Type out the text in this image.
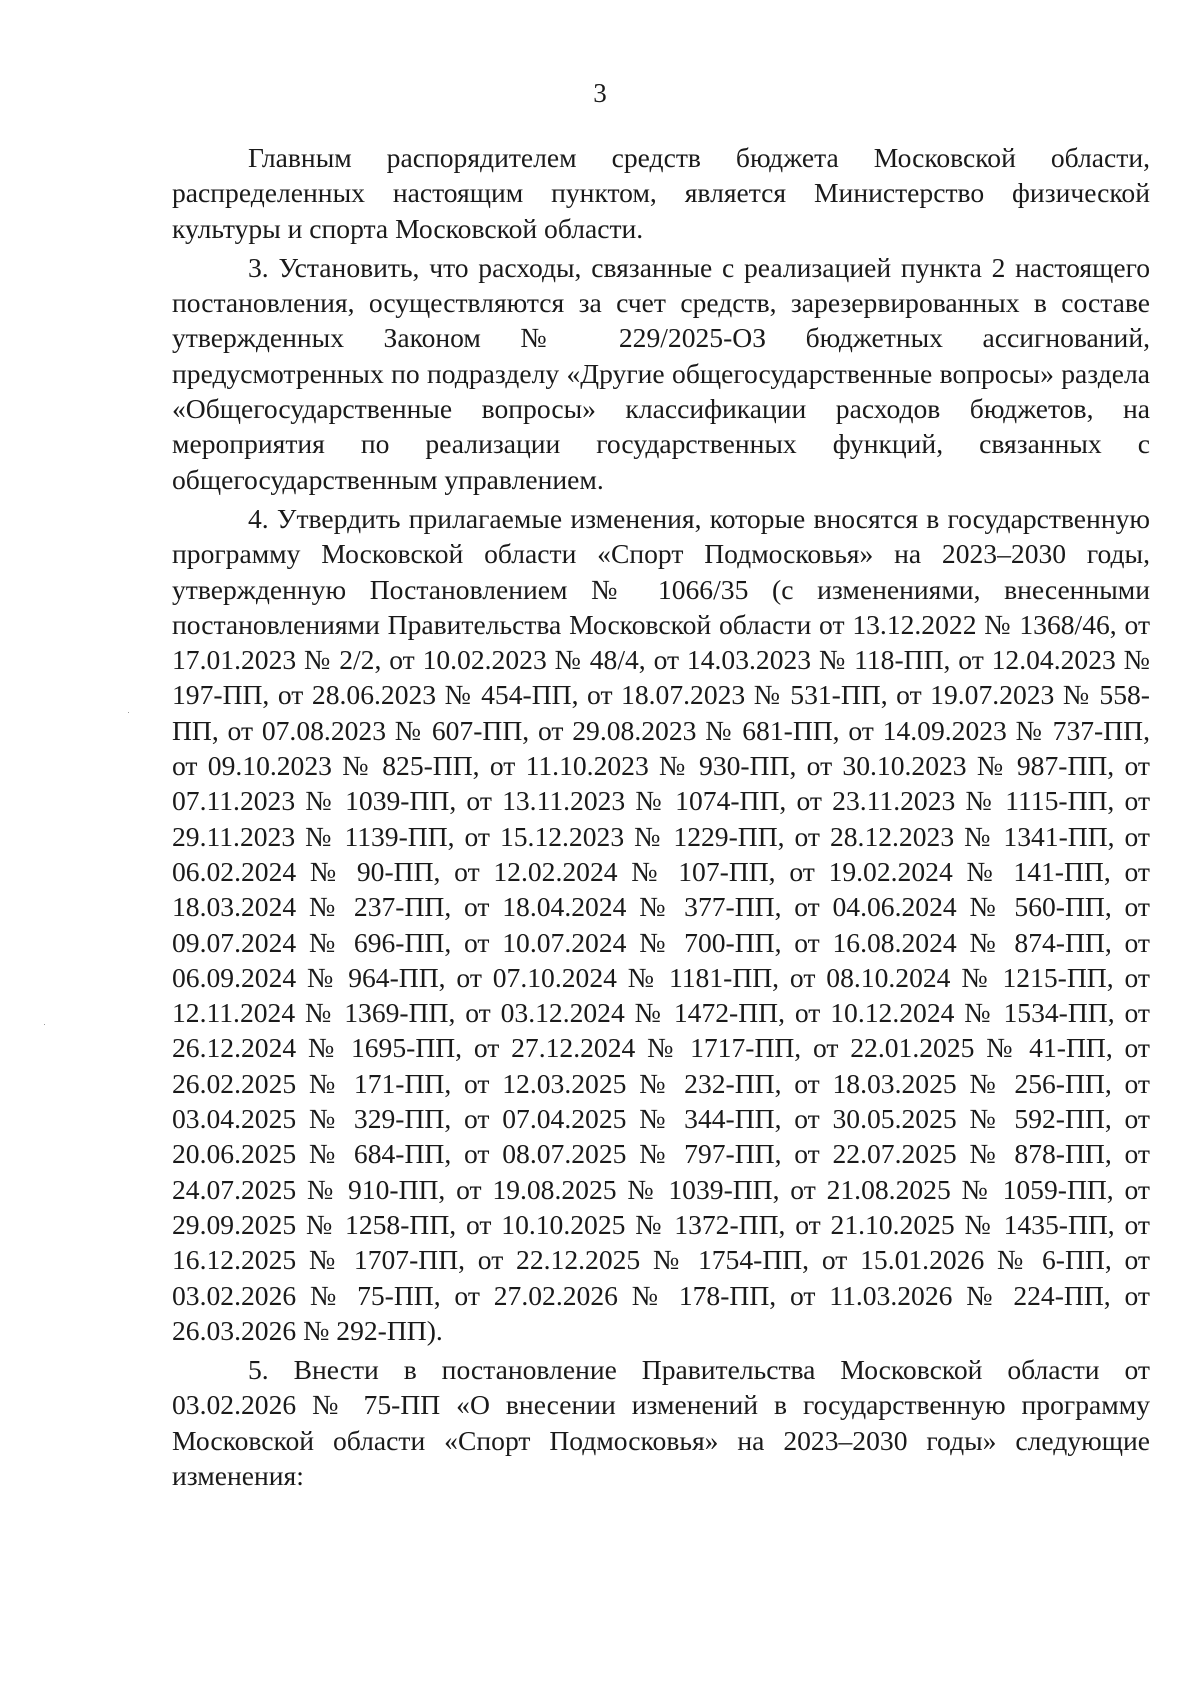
3

Главным распорядителем средств бюджета Московской области, распределенных настоящим пунктом, является Министерство физической культуры и спорта Московской области.

3. Установить, что расходы, связанные с реализацией пункта 2 настоящего постановления, осуществляются за счет средств, зарезервированных в составе утвержденных Законом № 229/2025-ОЗ бюджетных ассигнований, предусмотренных по подразделу «Другие общегосударственные вопросы» раздела «Общегосударственные вопросы» классификации расходов бюджетов, на мероприятия по реализации государственных функций, связанных с общегосударственным управлением.

4. Утвердить прилагаемые изменения, которые вносятся в государственную программу Московской области «Спорт Подмосковья» на 2023–2030 годы, утвержденную Постановлением № 1066/35 (с изменениями, внесенными постановлениями Правительства Московской области от 13.12.2022 № 1368/46, от 17.01.2023 № 2/2, от 10.02.2023 № 48/4, от 14.03.2023 № 118-ПП, от 12.04.2023 № 197-ПП, от 28.06.2023 № 454-ПП, от 18.07.2023 № 531-ПП, от 19.07.2023 № 558-ПП, от 07.08.2023 № 607-ПП, от 29.08.2023 № 681-ПП, от 14.09.2023 № 737-ПП, от 09.10.2023 № 825-ПП, от 11.10.2023 № 930-ПП, от 30.10.2023 № 987-ПП, от 07.11.2023 № 1039-ПП, от 13.11.2023 № 1074-ПП, от 23.11.2023 № 1115-ПП, от 29.11.2023 № 1139-ПП, от 15.12.2023 № 1229-ПП, от 28.12.2023 № 1341-ПП, от 06.02.2024 № 90-ПП, от 12.02.2024 № 107-ПП, от 19.02.2024 № 141-ПП, от 18.03.2024 № 237-ПП, от 18.04.2024 № 377-ПП, от 04.06.2024 № 560-ПП, от 09.07.2024 № 696-ПП, от 10.07.2024 № 700-ПП, от 16.08.2024 № 874-ПП, от 06.09.2024 № 964-ПП, от 07.10.2024 № 1181-ПП, от 08.10.2024 № 1215-ПП, от 12.11.2024 № 1369-ПП, от 03.12.2024 № 1472-ПП, от 10.12.2024 № 1534-ПП, от 26.12.2024 № 1695-ПП, от 27.12.2024 № 1717-ПП, от 22.01.2025 № 41-ПП, от 26.02.2025 № 171-ПП, от 12.03.2025 № 232-ПП, от 18.03.2025 № 256-ПП, от 03.04.2025 № 329-ПП, от 07.04.2025 № 344-ПП, от 30.05.2025 № 592-ПП, от 20.06.2025 № 684-ПП, от 08.07.2025 № 797-ПП, от 22.07.2025 № 878-ПП, от 24.07.2025 № 910-ПП, от 19.08.2025 № 1039-ПП, от 21.08.2025 № 1059-ПП, от 29.09.2025 № 1258-ПП, от 10.10.2025 № 1372-ПП, от 21.10.2025 № 1435-ПП, от 16.12.2025 № 1707-ПП, от 22.12.2025 № 1754-ПП, от 15.01.2026 № 6-ПП, от 03.02.2026 № 75-ПП, от 27.02.2026 № 178-ПП, от 11.03.2026 № 224-ПП, от 26.03.2026 № 292-ПП).

5. Внести в постановление Правительства Московской области от 03.02.2026 № 75-ПП «О внесении изменений в государственную программу Московской области «Спорт Подмосковья» на 2023–2030 годы» следующие изменения:
